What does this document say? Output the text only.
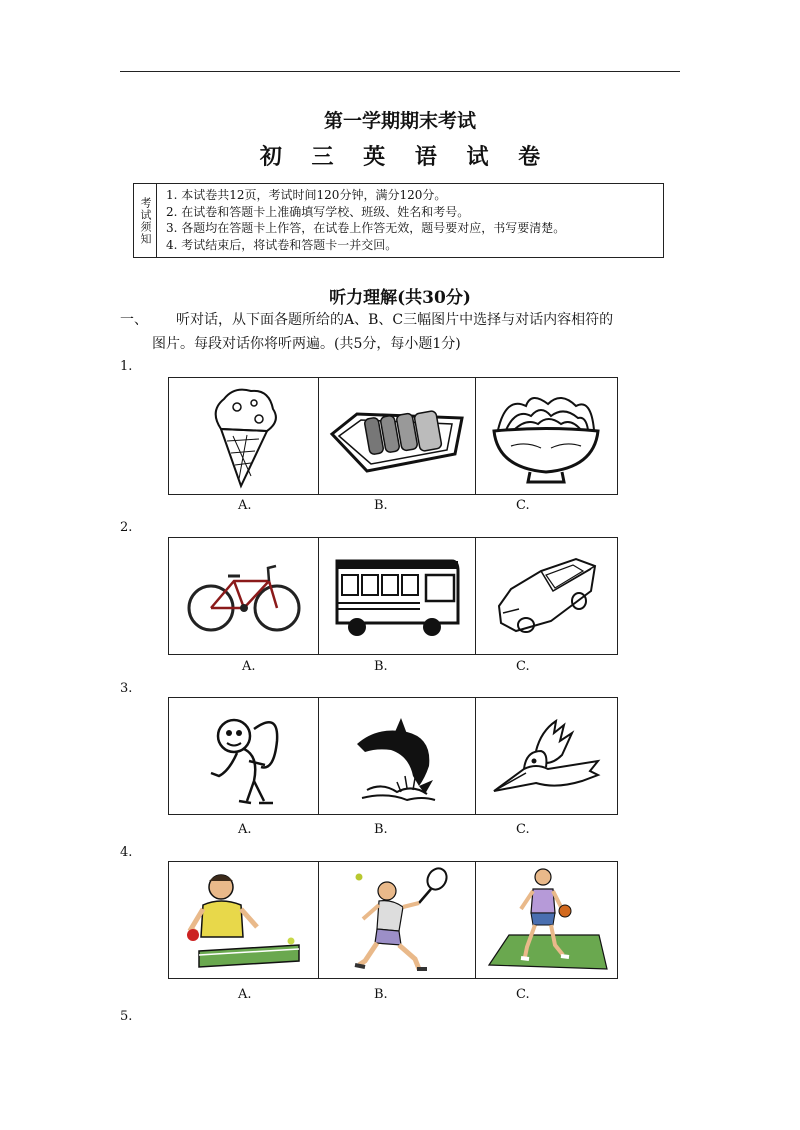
第一学期期末考试
初 三 英 语 试 卷
考试须知
1. 本试卷共12页，考试时间120分钟，满分120分。
2. 在试卷和答题卡上准确填写学校、班级、姓名和考号。
3. 各题均在答题卡上作答，在试卷上作答无效，题号要对应，书写要清楚。
4. 考试结束后，将试卷和答题卡一并交回。
听力理解(共30分)
一、 听对话，从下面各题所给的A、B、C三幅图片中选择与对话内容相符的
图片。每段对话你将听两遍。(共5分，每小题1分)
1.
A.	B.	C.
2.
A.	B.	C.
3.
A.	B.	C.
4.
A.	B.	C.
5.
